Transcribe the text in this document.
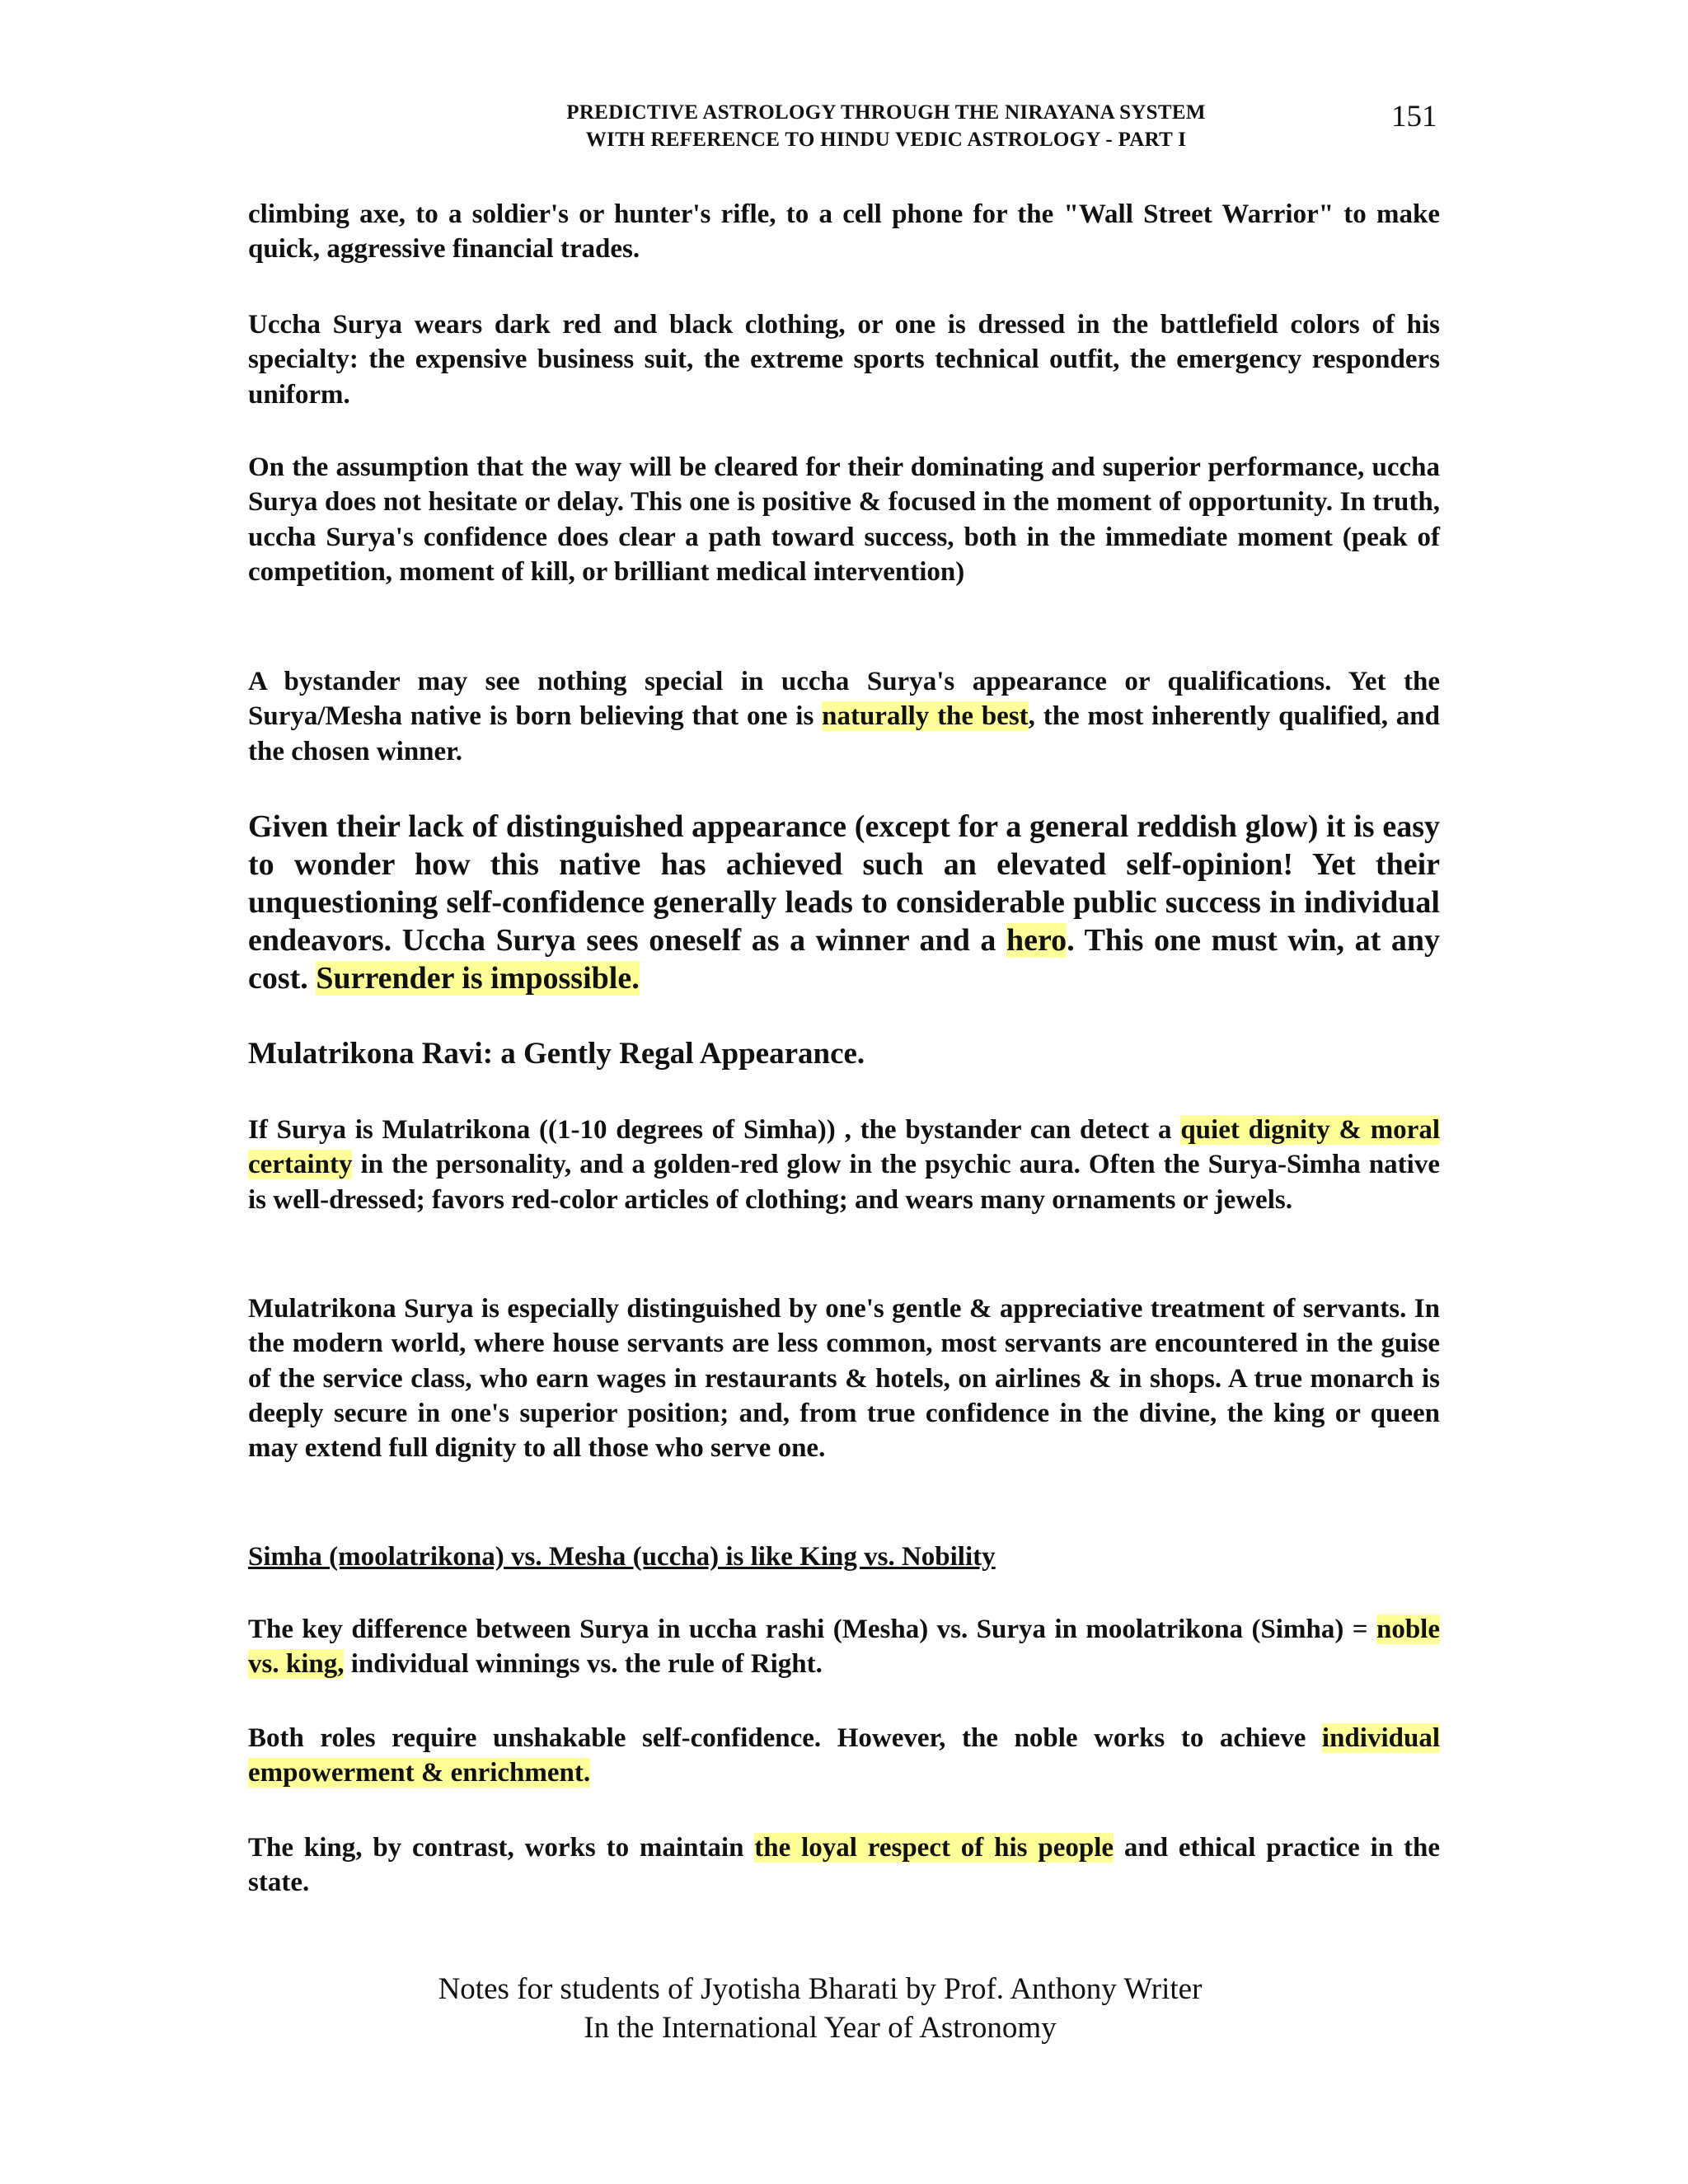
PREDICTIVE ASTROLOGY THROUGH THE NIRAYANA SYSTEM
WITH REFERENCE TO HINDU VEDIC ASTROLOGY - PART I
151

climbing axe, to a soldier's or hunter's rifle, to a cell phone for the "Wall Street Warrior" to make quick, aggressive financial trades.

Uccha Surya wears dark red and black clothing, or one is dressed in the battlefield colors of his specialty: the expensive business suit, the extreme sports technical outfit, the emergency responders uniform.

On the assumption that the way will be cleared for their dominating and superior performance, uccha Surya does not hesitate or delay. This one is positive & focused in the moment of opportunity. In truth, uccha Surya's confidence does clear a path toward success, both in the immediate moment (peak of competition, moment of kill, or brilliant medical intervention)

A bystander may see nothing special in uccha Surya's appearance or qualifications. Yet the Surya/Mesha native is born believing that one is naturally the best, the most inherently qualified, and the chosen winner.

Given their lack of distinguished appearance (except for a general reddish glow) it is easy to wonder how this native has achieved such an elevated self-opinion! Yet their unquestioning self-confidence generally leads to considerable public success in individual endeavors. Uccha Surya sees oneself as a winner and a hero. This one must win, at any cost. Surrender is impossible.

Mulatrikona Ravi: a Gently Regal Appearance.

If Surya is Mulatrikona ((1-10 degrees of Simha)) , the bystander can detect a quiet dignity & moral certainty in the personality, and a golden-red glow in the psychic aura. Often the Surya-Simha native is well-dressed; favors red-color articles of clothing; and wears many ornaments or jewels.

Mulatrikona Surya is especially distinguished by one's gentle & appreciative treatment of servants. In the modern world, where house servants are less common, most servants are encountered in the guise of the service class, who earn wages in restaurants & hotels, on airlines & in shops. A true monarch is deeply secure in one's superior position; and, from true confidence in the divine, the king or queen may extend full dignity to all those who serve one.

Simha (moolatrikona) vs. Mesha (uccha) is like King vs. Nobility

The key difference between Surya in uccha rashi (Mesha) vs. Surya in moolatrikona (Simha) = noble vs. king, individual winnings vs. the rule of Right.

Both roles require unshakable self-confidence. However, the noble works to achieve individual empowerment & enrichment.

The king, by contrast, works to maintain the loyal respect of his people and ethical practice in the state.

Notes for students of Jyotisha Bharati by Prof. Anthony Writer
In the International Year of Astronomy
